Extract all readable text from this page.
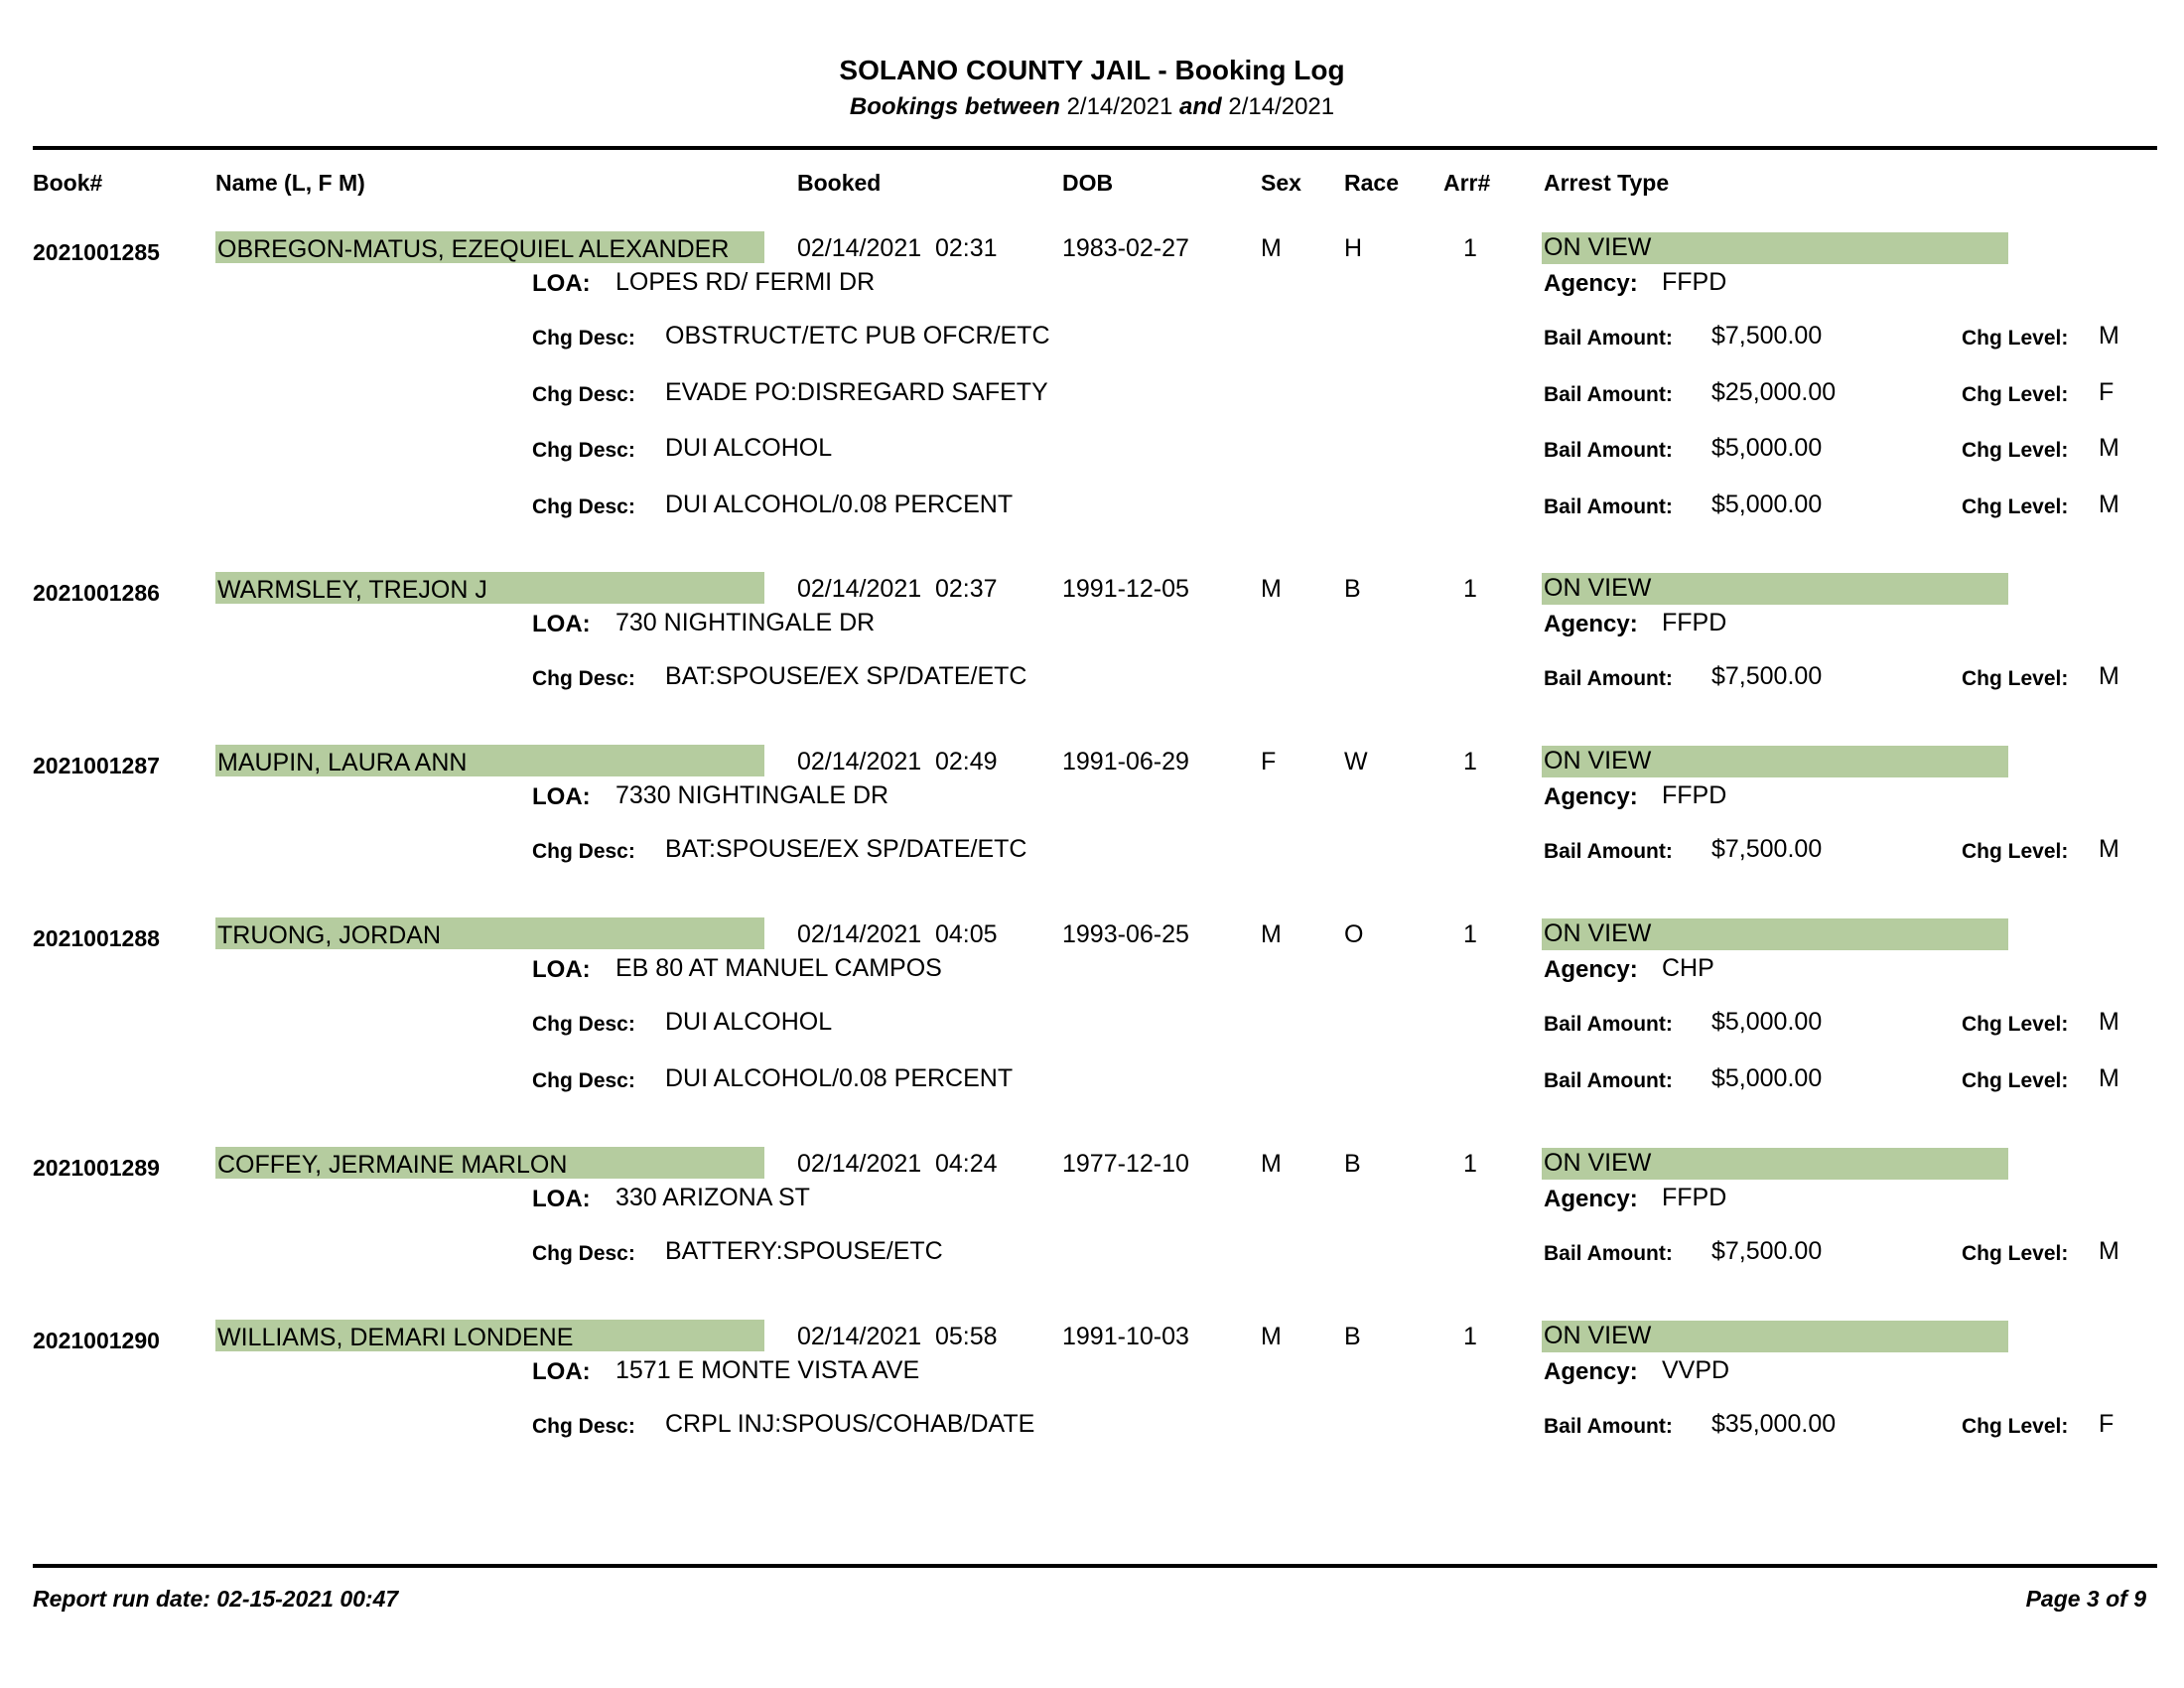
SOLANO COUNTY JAIL - Booking Log
Bookings between 2/14/2021 and 2/14/2021
Book#	Name (L, F M)	Booked	DOB	Sex Race Arr# Arrest Type
2021001285 OBREGON-MATUS, EZEQUIEL ALEXANDER	02/14/2021 02:31	1983-02-27	M	H	1	ON VIEW
LOA: LOPES RD/ FERMI DR	Agency: FFPD
Chg Desc: OBSTRUCT/ETC PUB OFCR/ETC	Bail Amount: $7,500.00	Chg Level: M
Chg Desc: EVADE PO:DISREGARD SAFETY	Bail Amount: $25,000.00	Chg Level: F
Chg Desc: DUI ALCOHOL	Bail Amount: $5,000.00	Chg Level: M
Chg Desc: DUI ALCOHOL/0.08 PERCENT	Bail Amount: $5,000.00	Chg Level: M
2021001286 WARMSLEY, TREJON J	02/14/2021 02:37	1991-12-05	M	B	1	ON VIEW
LOA: 730 NIGHTINGALE DR	Agency: FFPD
Chg Desc: BAT:SPOUSE/EX SP/DATE/ETC	Bail Amount: $7,500.00	Chg Level: M
2021001287 MAUPIN, LAURA ANN	02/14/2021 02:49	1991-06-29	F	W	1	ON VIEW
LOA: 7330 NIGHTINGALE DR	Agency: FFPD
Chg Desc: BAT:SPOUSE/EX SP/DATE/ETC	Bail Amount: $7,500.00	Chg Level: M
2021001288 TRUONG, JORDAN	02/14/2021 04:05	1993-06-25	M	O	1	ON VIEW
LOA: EB 80 AT MANUEL CAMPOS	Agency: CHP
Chg Desc: DUI ALCOHOL	Bail Amount: $5,000.00	Chg Level: M
Chg Desc: DUI ALCOHOL/0.08 PERCENT	Bail Amount: $5,000.00	Chg Level: M
2021001289 COFFEY, JERMAINE MARLON	02/14/2021 04:24	1977-12-10	M	B	1	ON VIEW
LOA: 330 ARIZONA ST	Agency: FFPD
Chg Desc: BATTERY:SPOUSE/ETC	Bail Amount: $7,500.00	Chg Level: M
2021001290 WILLIAMS, DEMARI LONDENE	02/14/2021 05:58	1991-10-03	M	B	1	ON VIEW
LOA: 1571 E MONTE VISTA AVE	Agency: VVPD
Chg Desc: CRPL INJ:SPOUS/COHAB/DATE	Bail Amount: $35,000.00	Chg Level: F
Report run date: 02-15-2021 00:47	Page 3 of 9
